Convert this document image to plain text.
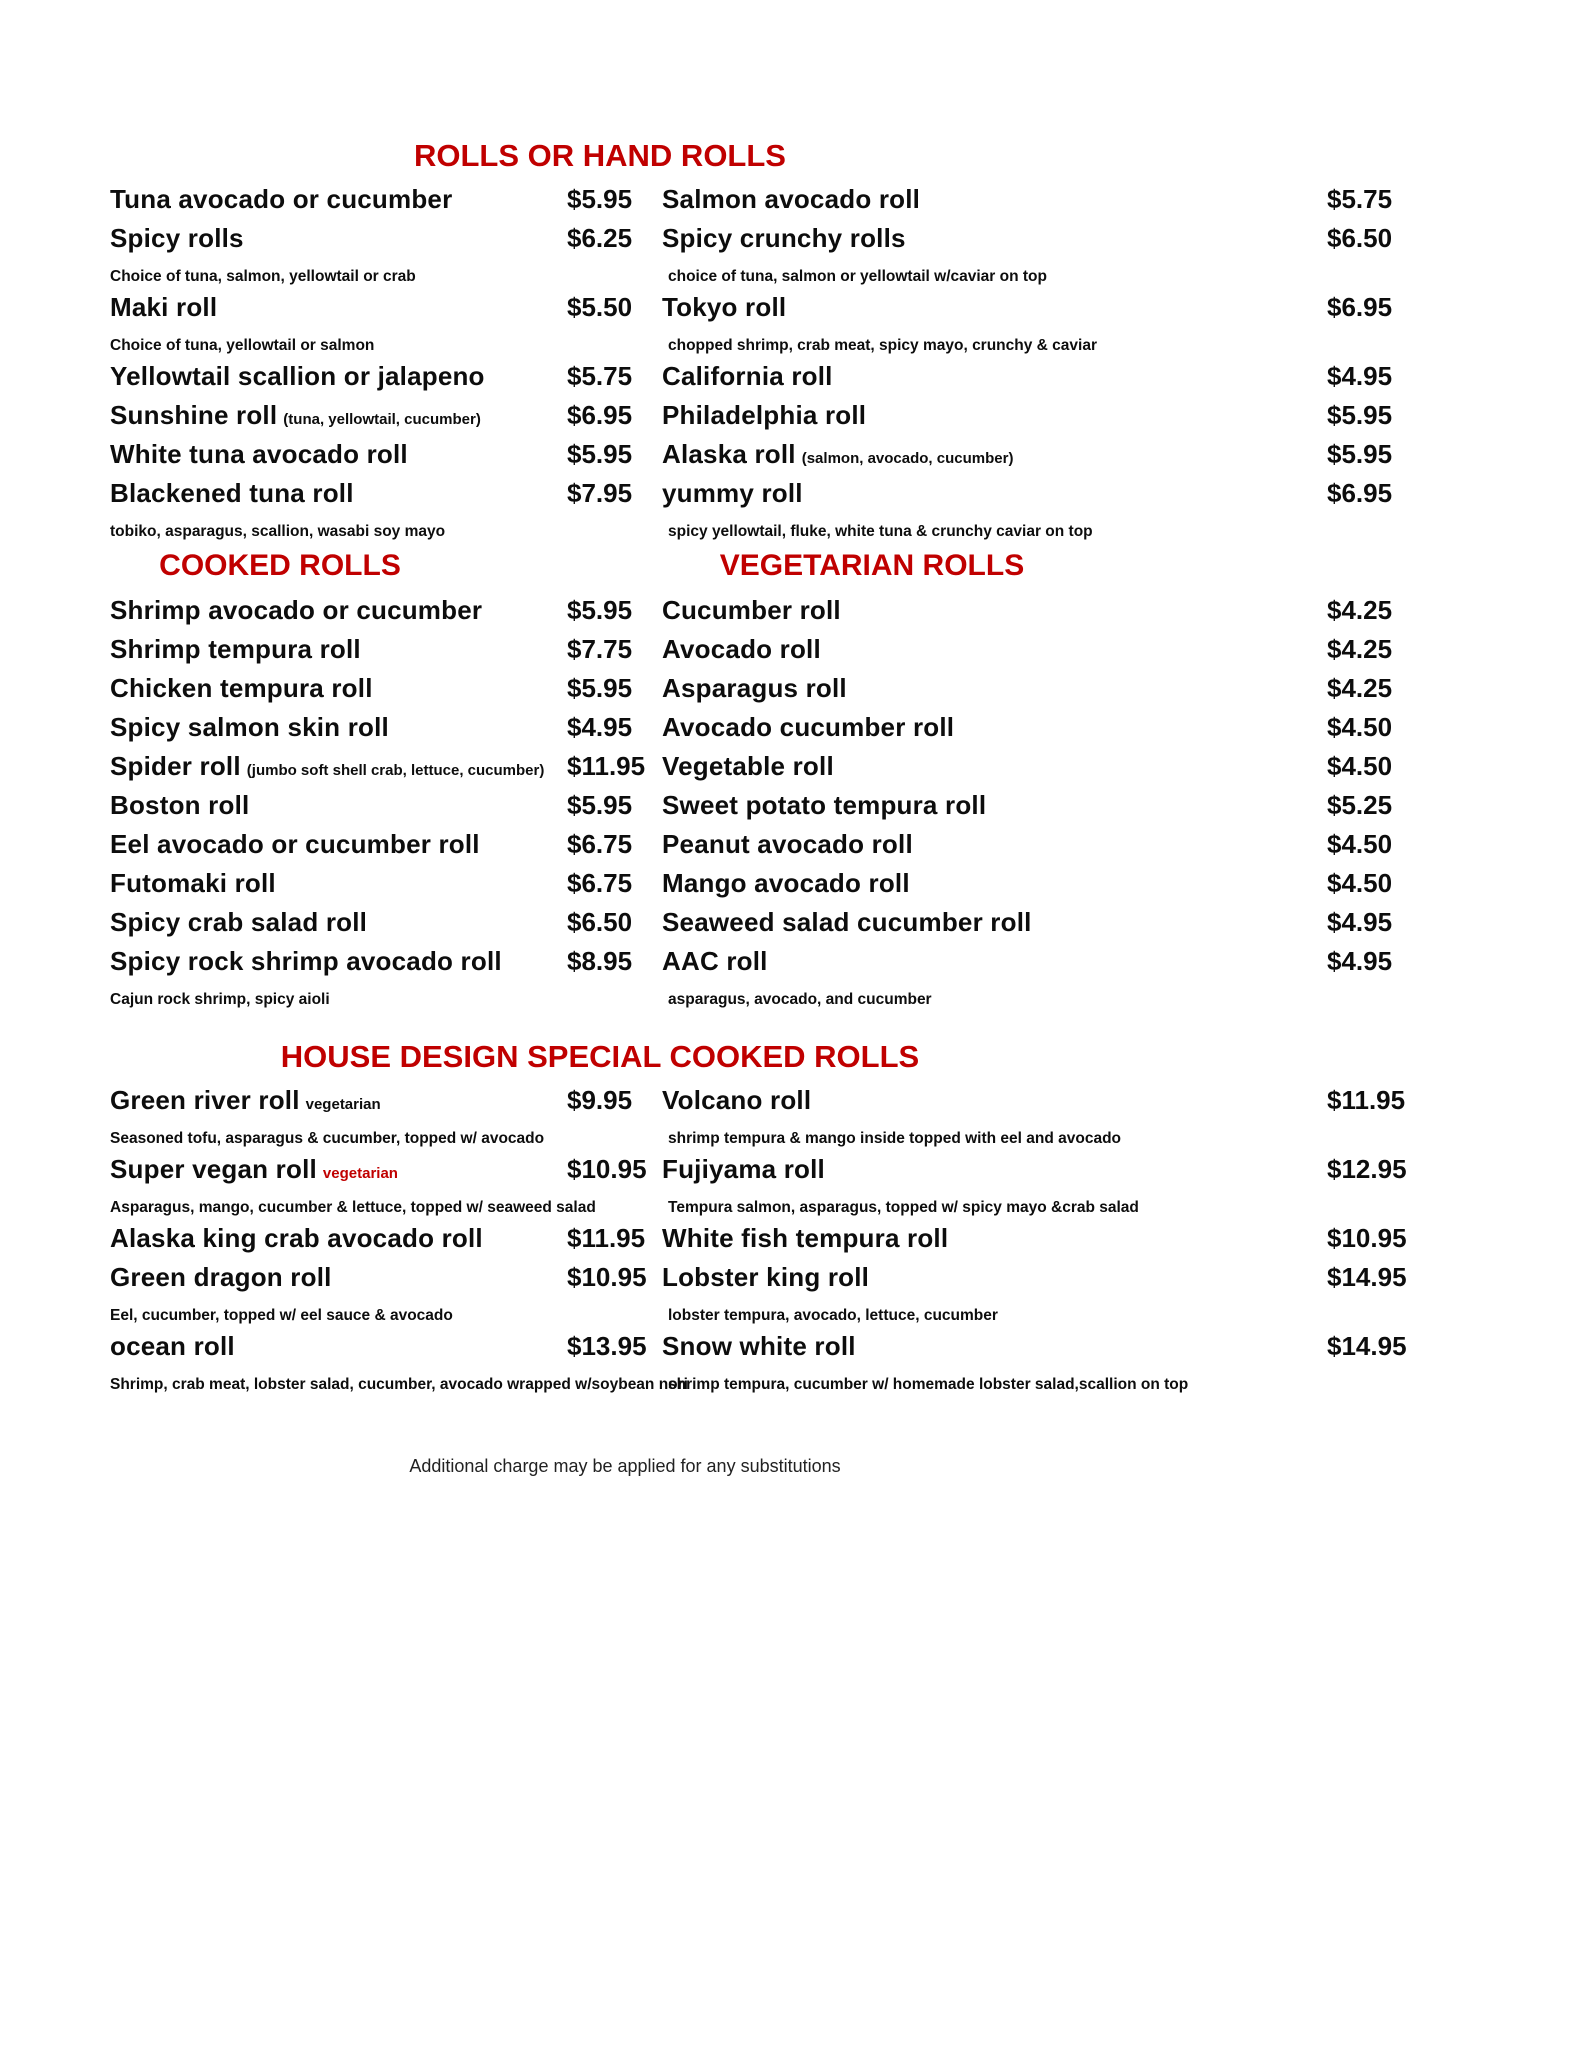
ROLLS OR HAND ROLLS
Tuna avocado or cucumber	$5.95
Spicy rolls	$6.25
Choice of tuna, salmon, yellowtail or crab
Maki roll	$5.50
Choice of tuna, yellowtail or salmon
Yellowtail scallion or jalapeno	$5.75
Sunshine roll (tuna, yellowtail, cucumber)	$6.95
White tuna avocado roll	$5.95
Blackened tuna roll	$7.95
tobiko, asparagus, scallion, wasabi soy mayo
Salmon avocado roll	$5.75
Spicy crunchy rolls	$6.50
choice of tuna, salmon or yellowtail w/caviar on top
Tokyo roll	$6.95
chopped shrimp, crab meat, spicy mayo, crunchy & caviar
California roll	$4.95
Philadelphia roll	$5.95
Alaska roll (salmon, avocado, cucumber)	$5.95
yummy roll	$6.95
spicy yellowtail, fluke, white tuna & crunchy caviar on top
COOKED ROLLS
Shrimp avocado or cucumber	$5.95
Shrimp tempura roll	$7.75
Chicken tempura roll	$5.95
Spicy salmon skin roll	$4.95
Spider roll (jumbo soft shell crab, lettuce, cucumber) $11.95
Boston roll	$5.95
Eel avocado or cucumber roll	$6.75
Futomaki roll	$6.75
Spicy crab salad roll	$6.50
Spicy rock shrimp avocado roll	$8.95
Cajun rock shrimp, spicy aioli
VEGETARIAN ROLLS
Cucumber roll	$4.25
Avocado roll	$4.25
Asparagus roll	$4.25
Avocado cucumber roll	$4.50
Vegetable roll	$4.50
Sweet potato tempura roll	$5.25
Peanut avocado roll	$4.50
Mango avocado roll	$4.50
Seaweed salad cucumber roll	$4.95
AAC roll	$4.95
asparagus, avocado, and cucumber
HOUSE DESIGN SPECIAL COOKED ROLLS
Green river roll vegetarian	$9.95
Seasoned tofu, asparagus & cucumber, topped w/ avocado
Super vegan roll vegetarian	$10.95
Asparagus, mango, cucumber & lettuce, topped w/ seaweed salad
Alaska king crab avocado roll	$11.95
Green dragon roll	$10.95
Eel, cucumber, topped w/ eel sauce & avocado
ocean roll	$13.95
Shrimp, crab meat, lobster salad, cucumber, avocado wrapped w/soybean nori
Volcano roll	$11.95
shrimp tempura & mango inside topped with eel and avocado
Fujiyama roll	$12.95
Tempura salmon, asparagus, topped w/ spicy mayo &crab salad
White fish tempura roll	$10.95
Lobster king roll	$14.95
lobster tempura, avocado, lettuce, cucumber
Snow white roll	$14.95
shrimp tempura, cucumber w/ homemade lobster salad,scallion on top
Additional charge may be applied for any substitutions
